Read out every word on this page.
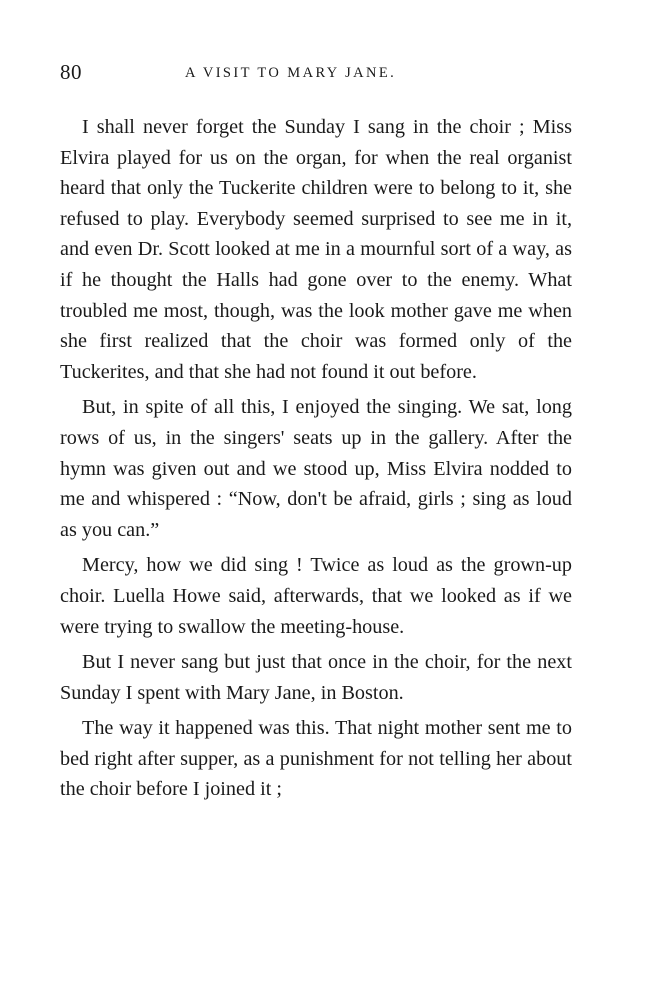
80	A VISIT TO MARY JANE.

I shall never forget the Sunday I sang in the choir ; Miss Elvira played for us on the organ, for when the real organist heard that only the Tuckerite children were to belong to it, she refused to play. Everybody seemed surprised to see me in it, and even Dr. Scott looked at me in a mournful sort of a way, as if he thought the Halls had gone over to the enemy. What troubled me most, though, was the look mother gave me when she first realized that the choir was formed only of the Tuckerites, and that she had not found it out before.

But, in spite of all this, I enjoyed the singing. We sat, long rows of us, in the singers' seats up in the gallery. After the hymn was given out and we stood up, Miss Elvira nodded to me and whispered : “Now, don't be afraid, girls ; sing as loud as you can.”

Mercy, how we did sing ! Twice as loud as the grown-up choir. Luella Howe said, afterwards, that we looked as if we were trying to swallow the meeting-house.

But I never sang but just that once in the choir, for the next Sunday I spent with Mary Jane, in Boston.

The way it happened was this. That night mother sent me to bed right after supper, as a punishment for not telling her about the choir before I joined it ;
